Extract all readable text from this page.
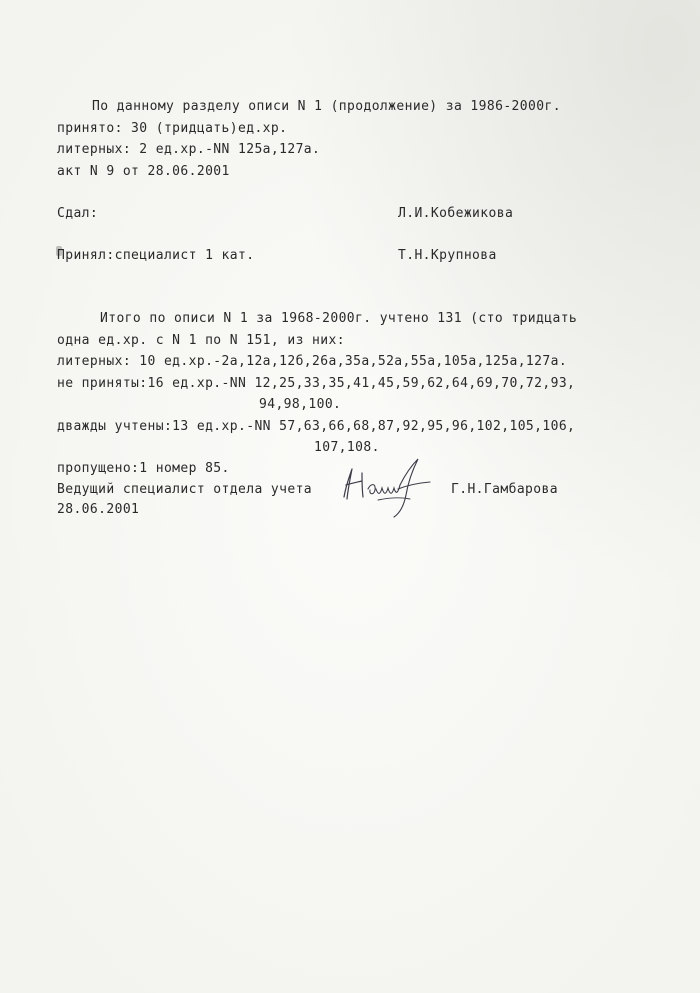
По данному разделу описи N 1 (продолжение) за 1986-2000г.
принято: 30 (тридцать)ед.хр.
литерных: 2 ед.хр.-NN 125а,127а.
акт N 9 от 28.06.2001
Сдал:	Л.И.Кобежикова
Принял:специалист 1 кат.	Т.Н.Крупнова
Итого по описи N 1 за 1968-2000г. учтено 131 (сто тридцать
одна ед.хр. с N 1 по N 151, из них:
литерных: 10 ед.хр.-2а,12а,12б,26а,35а,52а,55а,105а,125а,127а.
не приняты:16 ед.хр.-NN 12,25,33,35,41,45,59,62,64,69,70,72,93,
94,98,100.
дважды учтены:13 ед.хр.-NN 57,63,66,68,87,92,95,96,102,105,106,
107,108.
пропущено:1 номер 85.
Ведущий специалист отдела учета	Г.Н.Гамбарова
28.06.2001
